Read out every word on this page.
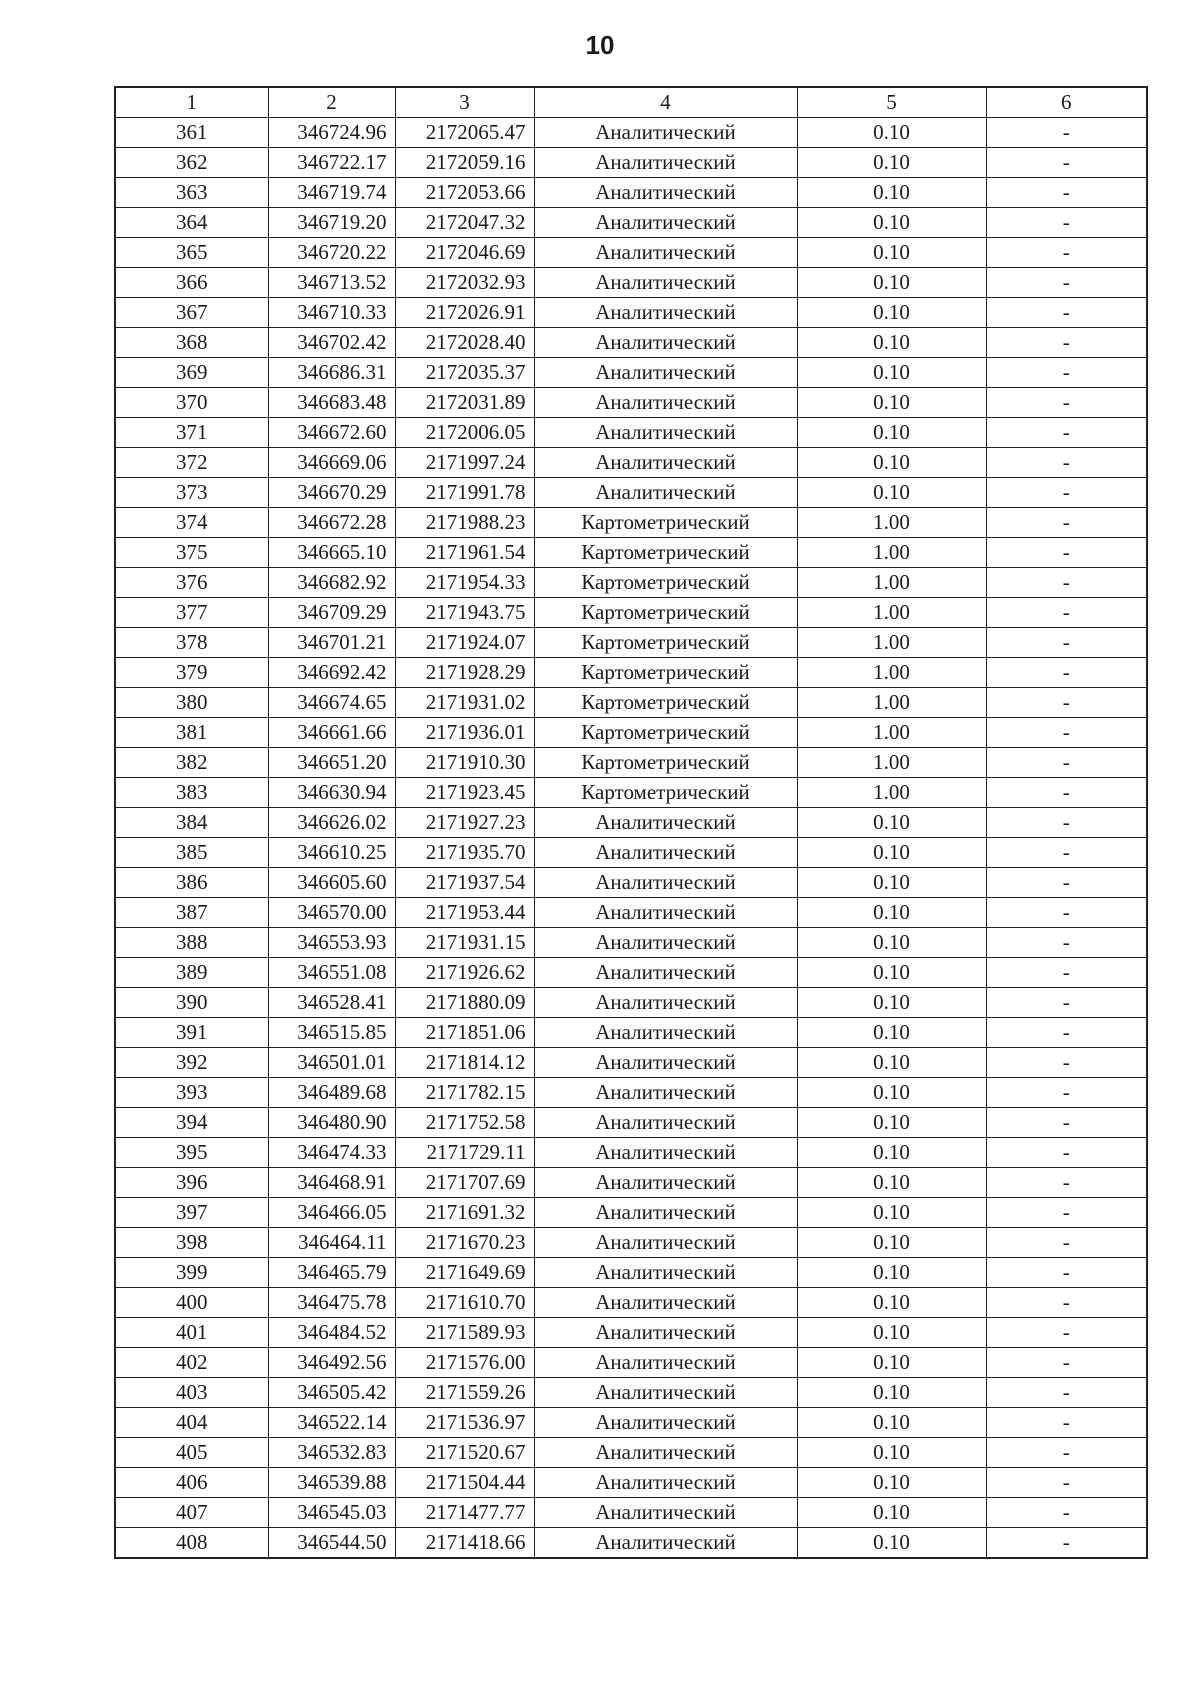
10
1	2	3	4	5	6
361	346724.96	2172065.47	Аналитический	0.10	-
362	346722.17	2172059.16	Аналитический	0.10	-
363	346719.74	2172053.66	Аналитический	0.10	-
364	346719.20	2172047.32	Аналитический	0.10	-
365	346720.22	2172046.69	Аналитический	0.10	-
366	346713.52	2172032.93	Аналитический	0.10	-
367	346710.33	2172026.91	Аналитический	0.10	-
368	346702.42	2172028.40	Аналитический	0.10	-
369	346686.31	2172035.37	Аналитический	0.10	-
370	346683.48	2172031.89	Аналитический	0.10	-
371	346672.60	2172006.05	Аналитический	0.10	-
372	346669.06	2171997.24	Аналитический	0.10	-
373	346670.29	2171991.78	Аналитический	0.10	-
374	346672.28	2171988.23	Картометрический	1.00	-
375	346665.10	2171961.54	Картометрический	1.00	-
376	346682.92	2171954.33	Картометрический	1.00	-
377	346709.29	2171943.75	Картометрический	1.00	-
378	346701.21	2171924.07	Картометрический	1.00	-
379	346692.42	2171928.29	Картометрический	1.00	-
380	346674.65	2171931.02	Картометрический	1.00	-
381	346661.66	2171936.01	Картометрический	1.00	-
382	346651.20	2171910.30	Картометрический	1.00	-
383	346630.94	2171923.45	Картометрический	1.00	-
384	346626.02	2171927.23	Аналитический	0.10	-
385	346610.25	2171935.70	Аналитический	0.10	-
386	346605.60	2171937.54	Аналитический	0.10	-
387	346570.00	2171953.44	Аналитический	0.10	-
388	346553.93	2171931.15	Аналитический	0.10	-
389	346551.08	2171926.62	Аналитический	0.10	-
390	346528.41	2171880.09	Аналитический	0.10	-
391	346515.85	2171851.06	Аналитический	0.10	-
392	346501.01	2171814.12	Аналитический	0.10	-
393	346489.68	2171782.15	Аналитический	0.10	-
394	346480.90	2171752.58	Аналитический	0.10	-
395	346474.33	2171729.11	Аналитический	0.10	-
396	346468.91	2171707.69	Аналитический	0.10	-
397	346466.05	2171691.32	Аналитический	0.10	-
398	346464.11	2171670.23	Аналитический	0.10	-
399	346465.79	2171649.69	Аналитический	0.10	-
400	346475.78	2171610.70	Аналитический	0.10	-
401	346484.52	2171589.93	Аналитический	0.10	-
402	346492.56	2171576.00	Аналитический	0.10	-
403	346505.42	2171559.26	Аналитический	0.10	-
404	346522.14	2171536.97	Аналитический	0.10	-
405	346532.83	2171520.67	Аналитический	0.10	-
406	346539.88	2171504.44	Аналитический	0.10	-
407	346545.03	2171477.77	Аналитический	0.10	-
408	346544.50	2171418.66	Аналитический	0.10	-
